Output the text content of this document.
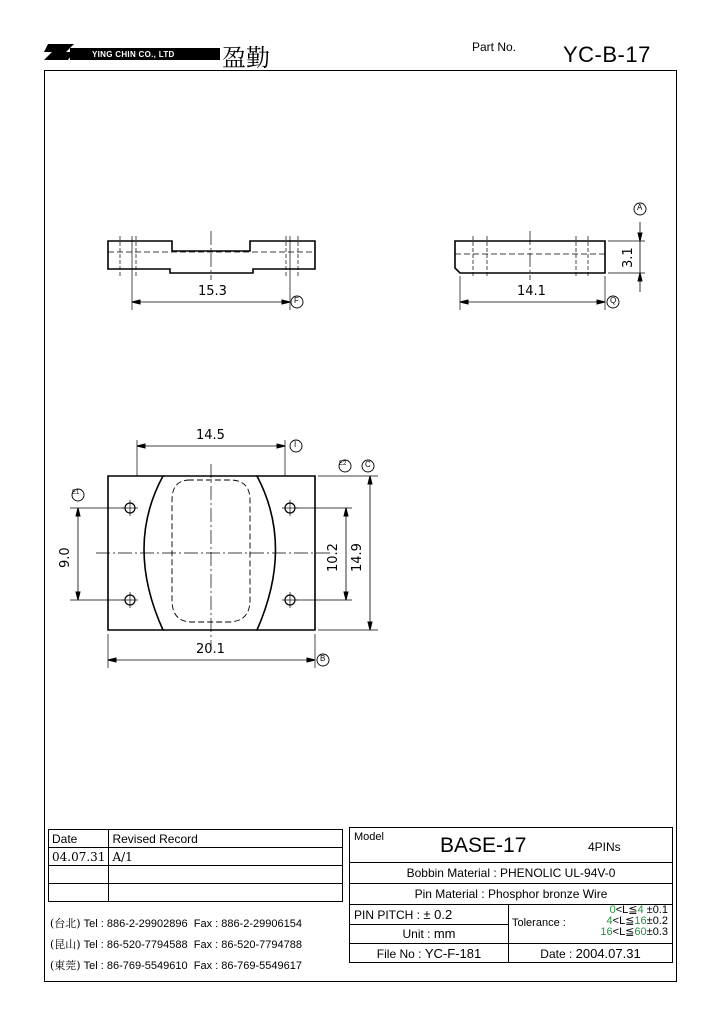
YING CHIN CO., LTD 盈勤	Part No. YC-B-17
15.3	14.1
3.1
14.5
20.1
9.0	10.2 14.9
F
A
Q
I
E1
E2 C
B
Date	Revised Record
04.07.31	A/1

(台北) Tel : 886-2-29902896 Fax : 886-2-29906154
(昆山) Tel : 86-520-7794588 Fax : 86-520-7794788
(東莞) Tel : 86-769-5549610 Fax : 86-769-5549617
Model BASE-17 4PINs	

Bobbin Material : PHENOLIC UL-94V-0	
Pin Material : Phosphor bronze Wire	
PIN PITCH : ± 0.2	Tolerance :
0<L≦4 ±0.1
4<L≦16±0.2
16<L≦60±0.3

Unit : mm	
File No : YC-F-181	Date : 2004.07.31
